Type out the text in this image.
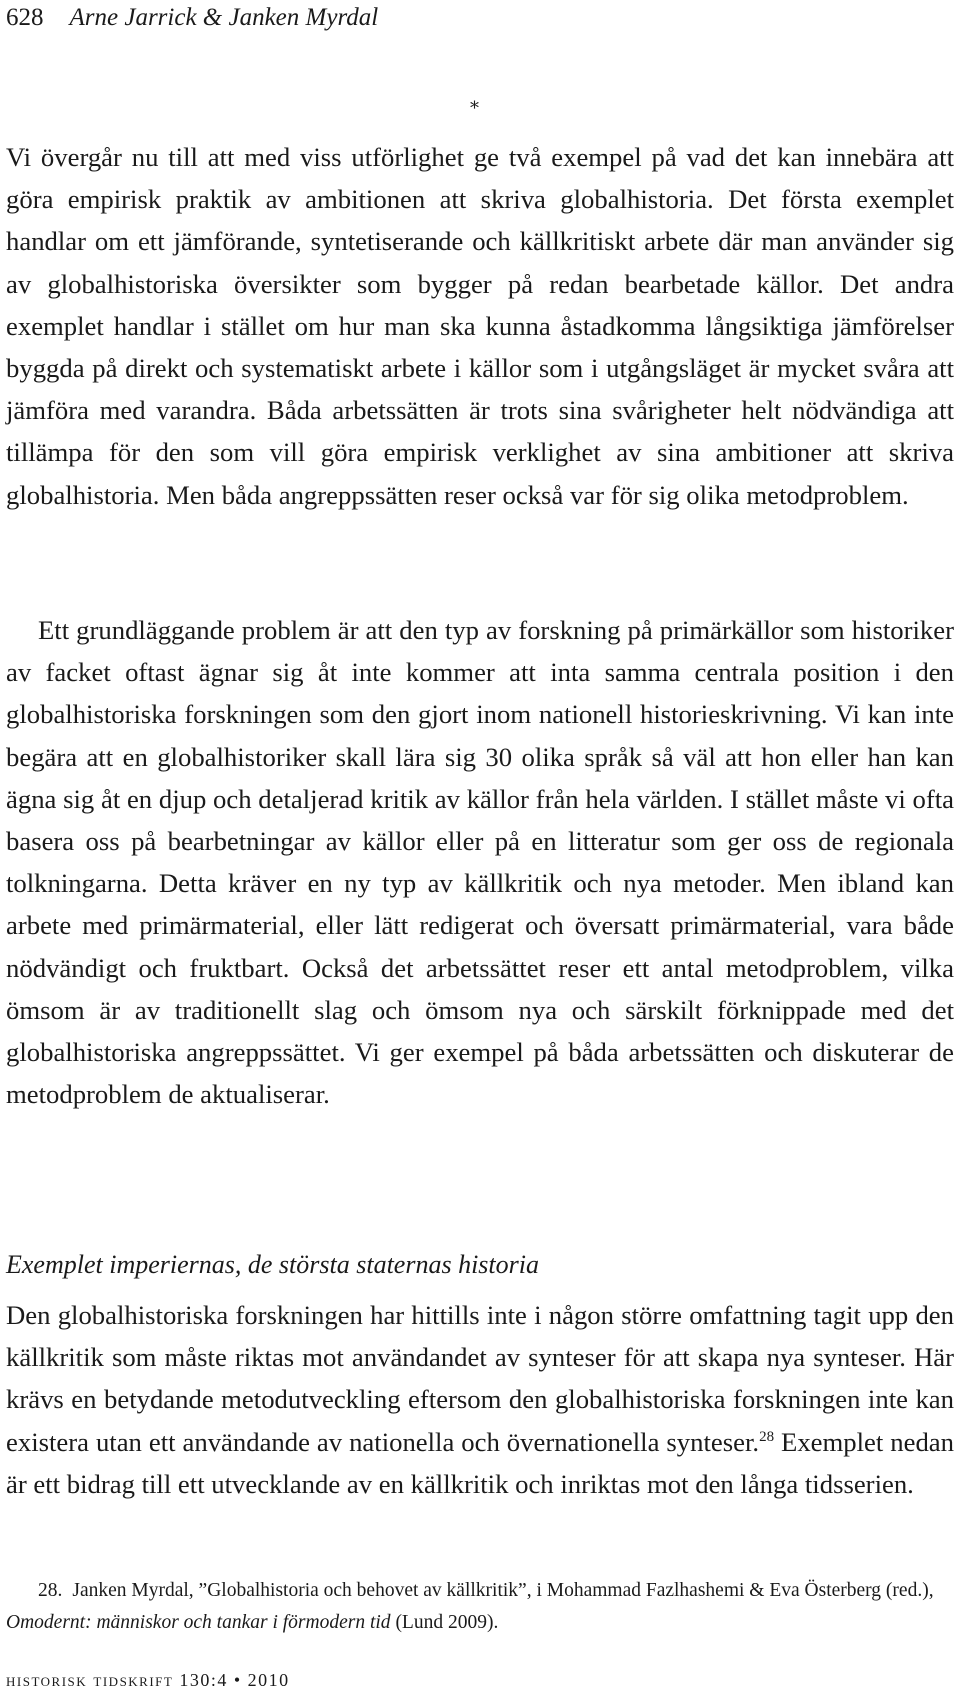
628 Arne Jarrick & Janken Myrdal
*

Vi övergår nu till att med viss utförlighet ge två exempel på vad det kan innebära att göra empirisk praktik av ambitionen att skriva globalhistoria. Det första exemplet handlar om ett jämförande, syntetiserande och källkritiskt arbete där man använder sig av globalhistoriska översikter som bygger på redan bearbetade källor. Det andra exemplet handlar i stället om hur man ska kunna åstadkomma långsiktiga jämförelser byggda på direkt och systematiskt arbete i källor som i utgångsläget är mycket svåra att jämföra med varandra. Båda arbetssätten är trots sina svårigheter helt nödvändiga att tillämpa för den som vill göra empirisk verklighet av sina ambitioner att skriva globalhistoria. Men båda angreppssätten reser också var för sig olika metodproblem.

Ett grundläggande problem är att den typ av forskning på primärkällor som historiker av facket oftast ägnar sig åt inte kommer att inta samma centrala position i den globalhistoriska forskningen som den gjort inom nationell historieskrivning. Vi kan inte begära att en globalhistoriker skall lära sig 30 olika språk så väl att hon eller han kan ägna sig åt en djup och detaljerad kritik av källor från hela världen. I stället måste vi ofta basera oss på bearbetningar av källor eller på en litteratur som ger oss de regionala tolkningarna. Detta kräver en ny typ av källkritik och nya metoder. Men ibland kan arbete med primärmaterial, eller lätt redigerat och översatt primärmaterial, vara både nödvändigt och fruktbart. Också det arbetssättet reser ett antal metodproblem, vilka ömsom är av traditionellt slag och ömsom nya och särskilt förknippade med det globalhistoriska angreppssättet. Vi ger exempel på båda arbetssätten och diskuterar de metodproblem de aktualiserar.

Exemplet imperiernas, de största staternas historia

Den globalhistoriska forskningen har hittills inte i någon större omfattning tagit upp den källkritik som måste riktas mot användandet av synteser för att skapa nya synteser. Här krävs en betydande metodutveckling eftersom den globalhistoriska forskningen inte kan existera utan ett användande av nationella och övernationella synteser.$^{28}$ Exemplet nedan är ett bidrag till ett utvecklande av en källkritik och inriktas mot den långa tidsserien.

28. Janken Myrdal, ”Globalhistoria och behovet av källkritik”, i Mohammad Fazlhashemi & Eva Österberg (red.), Omodernt: människor och tankar i förmodern tid (Lund 2009).

historisk tidskrift 130:4 • 2010
